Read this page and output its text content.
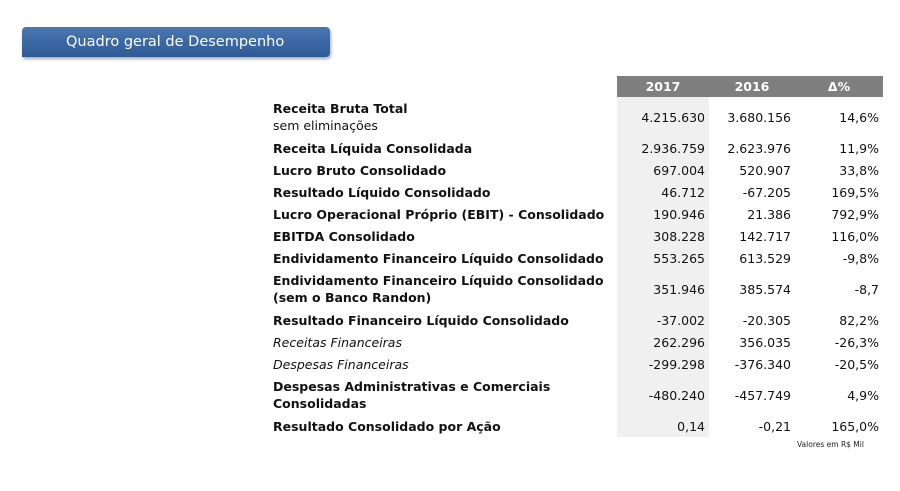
Quadro geral de Desempenho
	2017	2016	Δ%
Receita Bruta Total
sem eliminações	4.215.630	3.680.156	14,6%
Receita Líquida Consolidada	2.936.759	2.623.976	11,9%
Lucro Bruto Consolidado	697.004	520.907	33,8%
Resultado Líquido Consolidado	46.712	-67.205	169,5%
Lucro Operacional Próprio (EBIT) - Consolidado	190.946	21.386	792,9%
EBITDA Consolidado	308.228	142.717	116,0%
Endividamento Financeiro Líquido Consolidado	553.265	613.529	-9,8%
Endividamento Financeiro Líquido Consolidado (sem o Banco Randon)	351.946	385.574	-8,7
Resultado Financeiro Líquido Consolidado	-37.002	-20.305	82,2%
Receitas Financeiras	262.296	356.035	-26,3%
Despesas Financeiras	-299.298	-376.340	-20,5%
Despesas Administrativas e Comerciais Consolidadas	-480.240	-457.749	4,9%
Resultado Consolidado por Ação	0,14	-0,21	165,0%
Valores em R$ Mil
